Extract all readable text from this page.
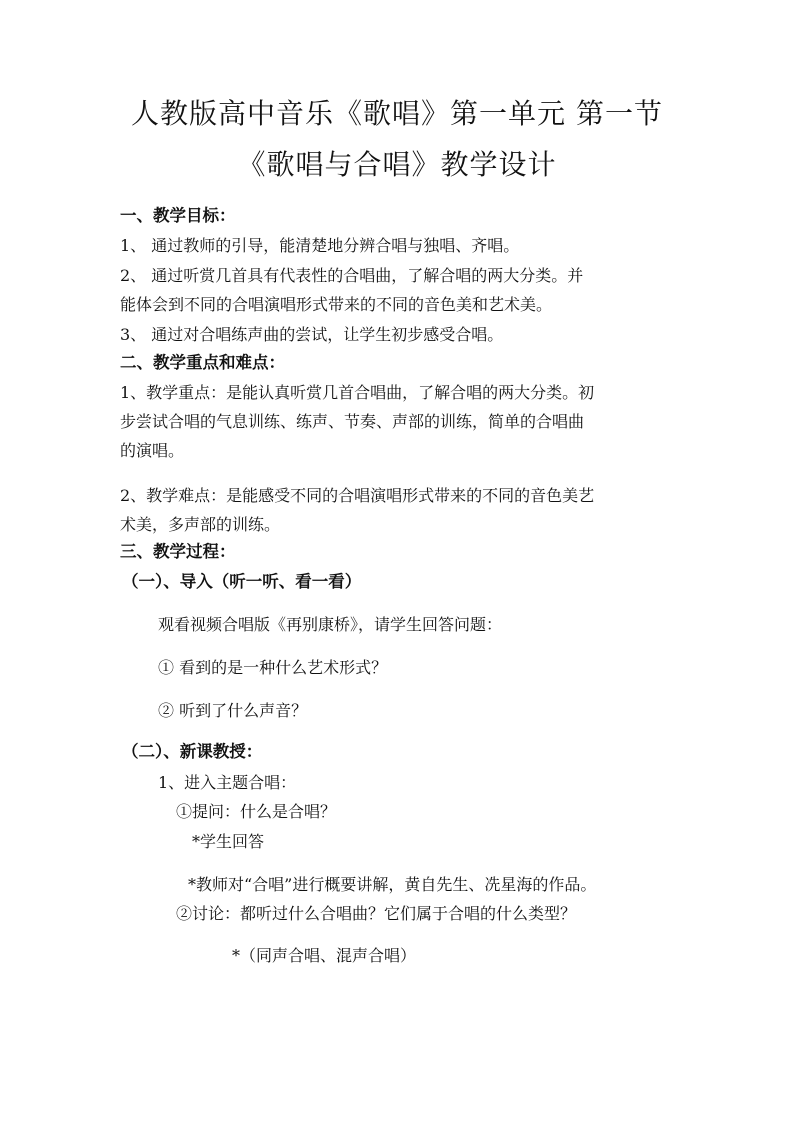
人教版高中音乐《歌唱》第一单元 第一节
《歌唱与合唱》教学设计
一、教学目标：
1、 通过教师的引导，能清楚地分辨合唱与独唱、齐唱。
2、 通过听赏几首具有代表性的合唱曲，了解合唱的两大分类。并
能体会到不同的合唱演唱形式带来的不同的音色美和艺术美。
3、 通过对合唱练声曲的尝试，让学生初步感受合唱。
二、教学重点和难点：
1、教学重点：是能认真听赏几首合唱曲，了解合唱的两大分类。初
步尝试合唱的气息训练、练声、节奏、声部的训练，简单的合唱曲
的演唱。
2、教学难点：是能感受不同的合唱演唱形式带来的不同的音色美艺
术美，多声部的训练。
三、教学过程：
（一）、导入（听一听、看一看）
观看视频合唱版《再别康桥》，请学生回答问题：
① 看到的是一种什么艺术形式？
② 听到了什么声音？
（二）、新课教授：
1、进入主题合唱：
①提问：什么是合唱？
*学生回答
*教师对“合唱”进行概要讲解，黄自先生、冼星海的作品。
②讨论：都听过什么合唱曲？它们属于合唱的什么类型？
*（同声合唱、混声合唱）
